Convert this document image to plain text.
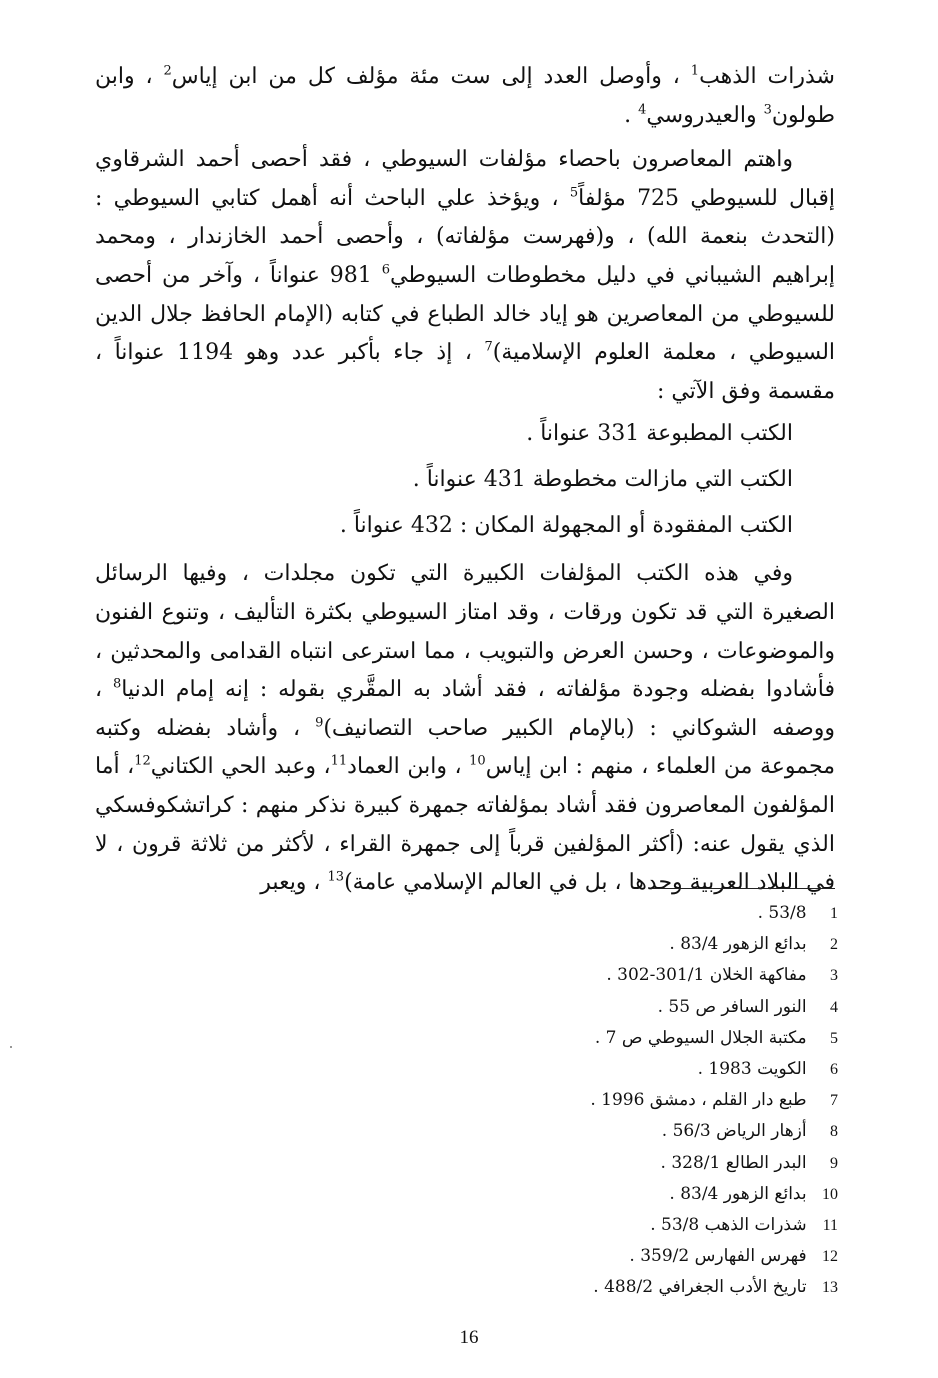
شذرات الذهب$^1$ ، وأوصل العدد إلى ست مئة مؤلف كل من ابن إياس$^2$ ، وابن طولون$^3$ والعيدروسي$^4$ .

واهتم المعاصرون باحصاء مؤلفات السيوطي ، فقد أحصى أحمد الشرقاوي إقبال للسيوطي 725 مؤلفاً$^5$ ، ويؤخذ علي الباحث أنه أهمل كتابي السيوطي : (التحدث بنعمة الله) ، و(فهرست مؤلفاته) ، وأحصى أحمد الخازندار ، ومحمد إبراهيم الشيباني في دليل مخطوطات السيوطي$^6$ 981 عنواناً ، وآخر من أحصى للسيوطي من المعاصرين هو إياد خالد الطباع في كتابه (الإمام الحافظ جلال الدين السيوطي ، معلمة العلوم الإسلامية)$^7$ ، إذ جاء بأكبر عدد وهو 1194 عنواناً ، مقسمة وفق الآتي :

الكتب المطبوعة 331 عنواناً .

الكتب التي مازالت مخطوطة 431 عنواناً .

الكتب المفقودة أو المجهولة المكان : 432 عنواناً .

وفي هذه الكتب المؤلفات الكبيرة التي تكون مجلدات ، وفيها الرسائل الصغيرة التي قد تكون ورقات ، وقد امتاز السيوطي بكثرة التأليف ، وتنوع الفنون والموضوعات ، وحسن العرض والتبويب ، مما استرعى انتباه القدامى والمحدثين ، فأشادوا بفضله وجودة مؤلفاته ، فقد أشاد به المقَّري بقوله : إنه إمام الدنيا$^8$ ، ووصفه الشوكاني : (بالإمام الكبير صاحب التصانيف)$^9$ ، وأشاد بفضله وكتبه مجموعة من العلماء ، منهم : ابن إياس$^{10}$ ، وابن العماد$^{11}$، وعبد الحي الكتاني$^{12}$، أما المؤلفون المعاصرون فقد أشاد بمؤلفاته جمهرة كبيرة نذكر منهم : كراتشكوفسكي الذي يقول عنه: (أكثر المؤلفين قرباً إلى جمهرة القراء ، لأكثر من ثلاثة قرون ، لا في البلاد العربية وحدها ، بل في العالم الإسلامي عامة)$^{13}$ ، ويعبر

1 53/8 .
2 بدائع الزهور 83/4 .
3 مفاكهة الخلان 301/1-302 .
4 النور السافر ص 55 .
5 مكتبة الجلال السيوطي ص 7 .
6 الكويت 1983 .
7 طبع دار القلم ، دمشق 1996 .
8 أزهار الرياض 56/3 .
9 البدر الطالع 328/1 .
10 بدائع الزهور 83/4 .
11 شذرات الذهب 53/8 .
12 فهرس الفهارس 359/2 .
13 تاريخ الأدب الجغرافي 488/2 .
16
